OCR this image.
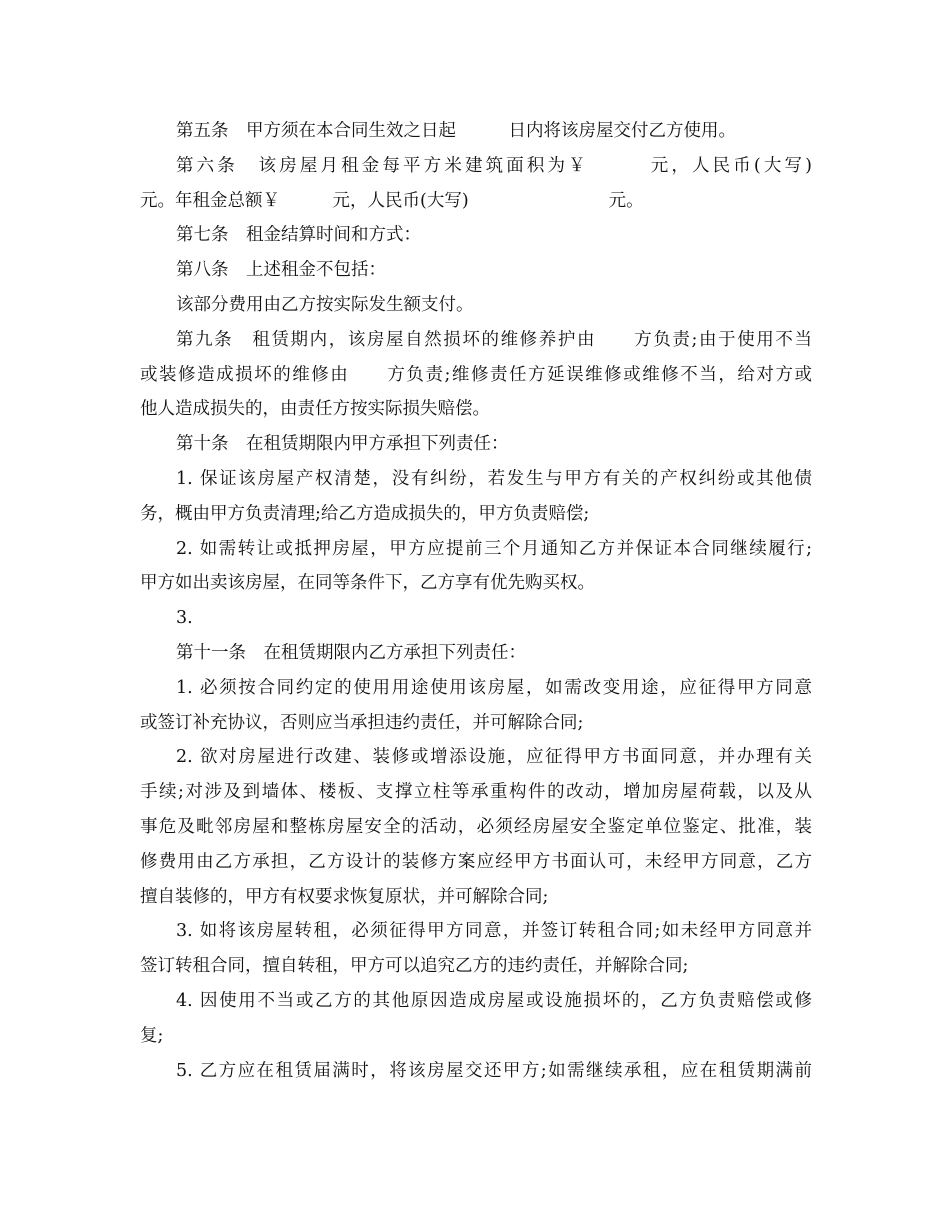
第五条　甲方须在本合同生效之日起　　　日内将该房屋交付乙方使用。
第六条　该房屋月租金每平方米建筑面积为￥　　　元，人民币(大写)
元。年租金总额￥　　　元，人民币(大写)　　　　　　　　元。
第七条　租金结算时间和方式：
第八条　上述租金不包括：
该部分费用由乙方按实际发生额支付。
第九条　租赁期内，该房屋自然损坏的维修养护由　　方负责;由于使用不当
或装修造成损坏的维修由　　方负责;维修责任方延误维修或维修不当，给对方或
他人造成损失的，由责任方按实际损失赔偿。
第十条　在租赁期限内甲方承担下列责任：
1. 保证该房屋产权清楚，没有纠纷，若发生与甲方有关的产权纠纷或其他债
务，概由甲方负责清理;给乙方造成损失的，甲方负责赔偿;
2. 如需转让或抵押房屋，甲方应提前三个月通知乙方并保证本合同继续履行;
甲方如出卖该房屋，在同等条件下，乙方享有优先购买权。
3.
第十一条　在租赁期限内乙方承担下列责任：
1. 必须按合同约定的使用用途使用该房屋，如需改变用途，应征得甲方同意
或签订补充协议，否则应当承担违约责任，并可解除合同;
2. 欲对房屋进行改建、装修或增添设施，应征得甲方书面同意，并办理有关
手续;对涉及到墙体、楼板、支撑立柱等承重构件的改动，增加房屋荷载，以及从
事危及毗邻房屋和整栋房屋安全的活动，必须经房屋安全鉴定单位鉴定、批准，装
修费用由乙方承担，乙方设计的装修方案应经甲方书面认可，未经甲方同意，乙方
擅自装修的，甲方有权要求恢复原状，并可解除合同;
3. 如将该房屋转租，必须征得甲方同意，并签订转租合同;如未经甲方同意并
签订转租合同，擅自转租，甲方可以追究乙方的违约责任，并解除合同;
4. 因使用不当或乙方的其他原因造成房屋或设施损坏的，乙方负责赔偿或修
复;
5. 乙方应在租赁届满时，将该房屋交还甲方;如需继续承租，应在租赁期满前
